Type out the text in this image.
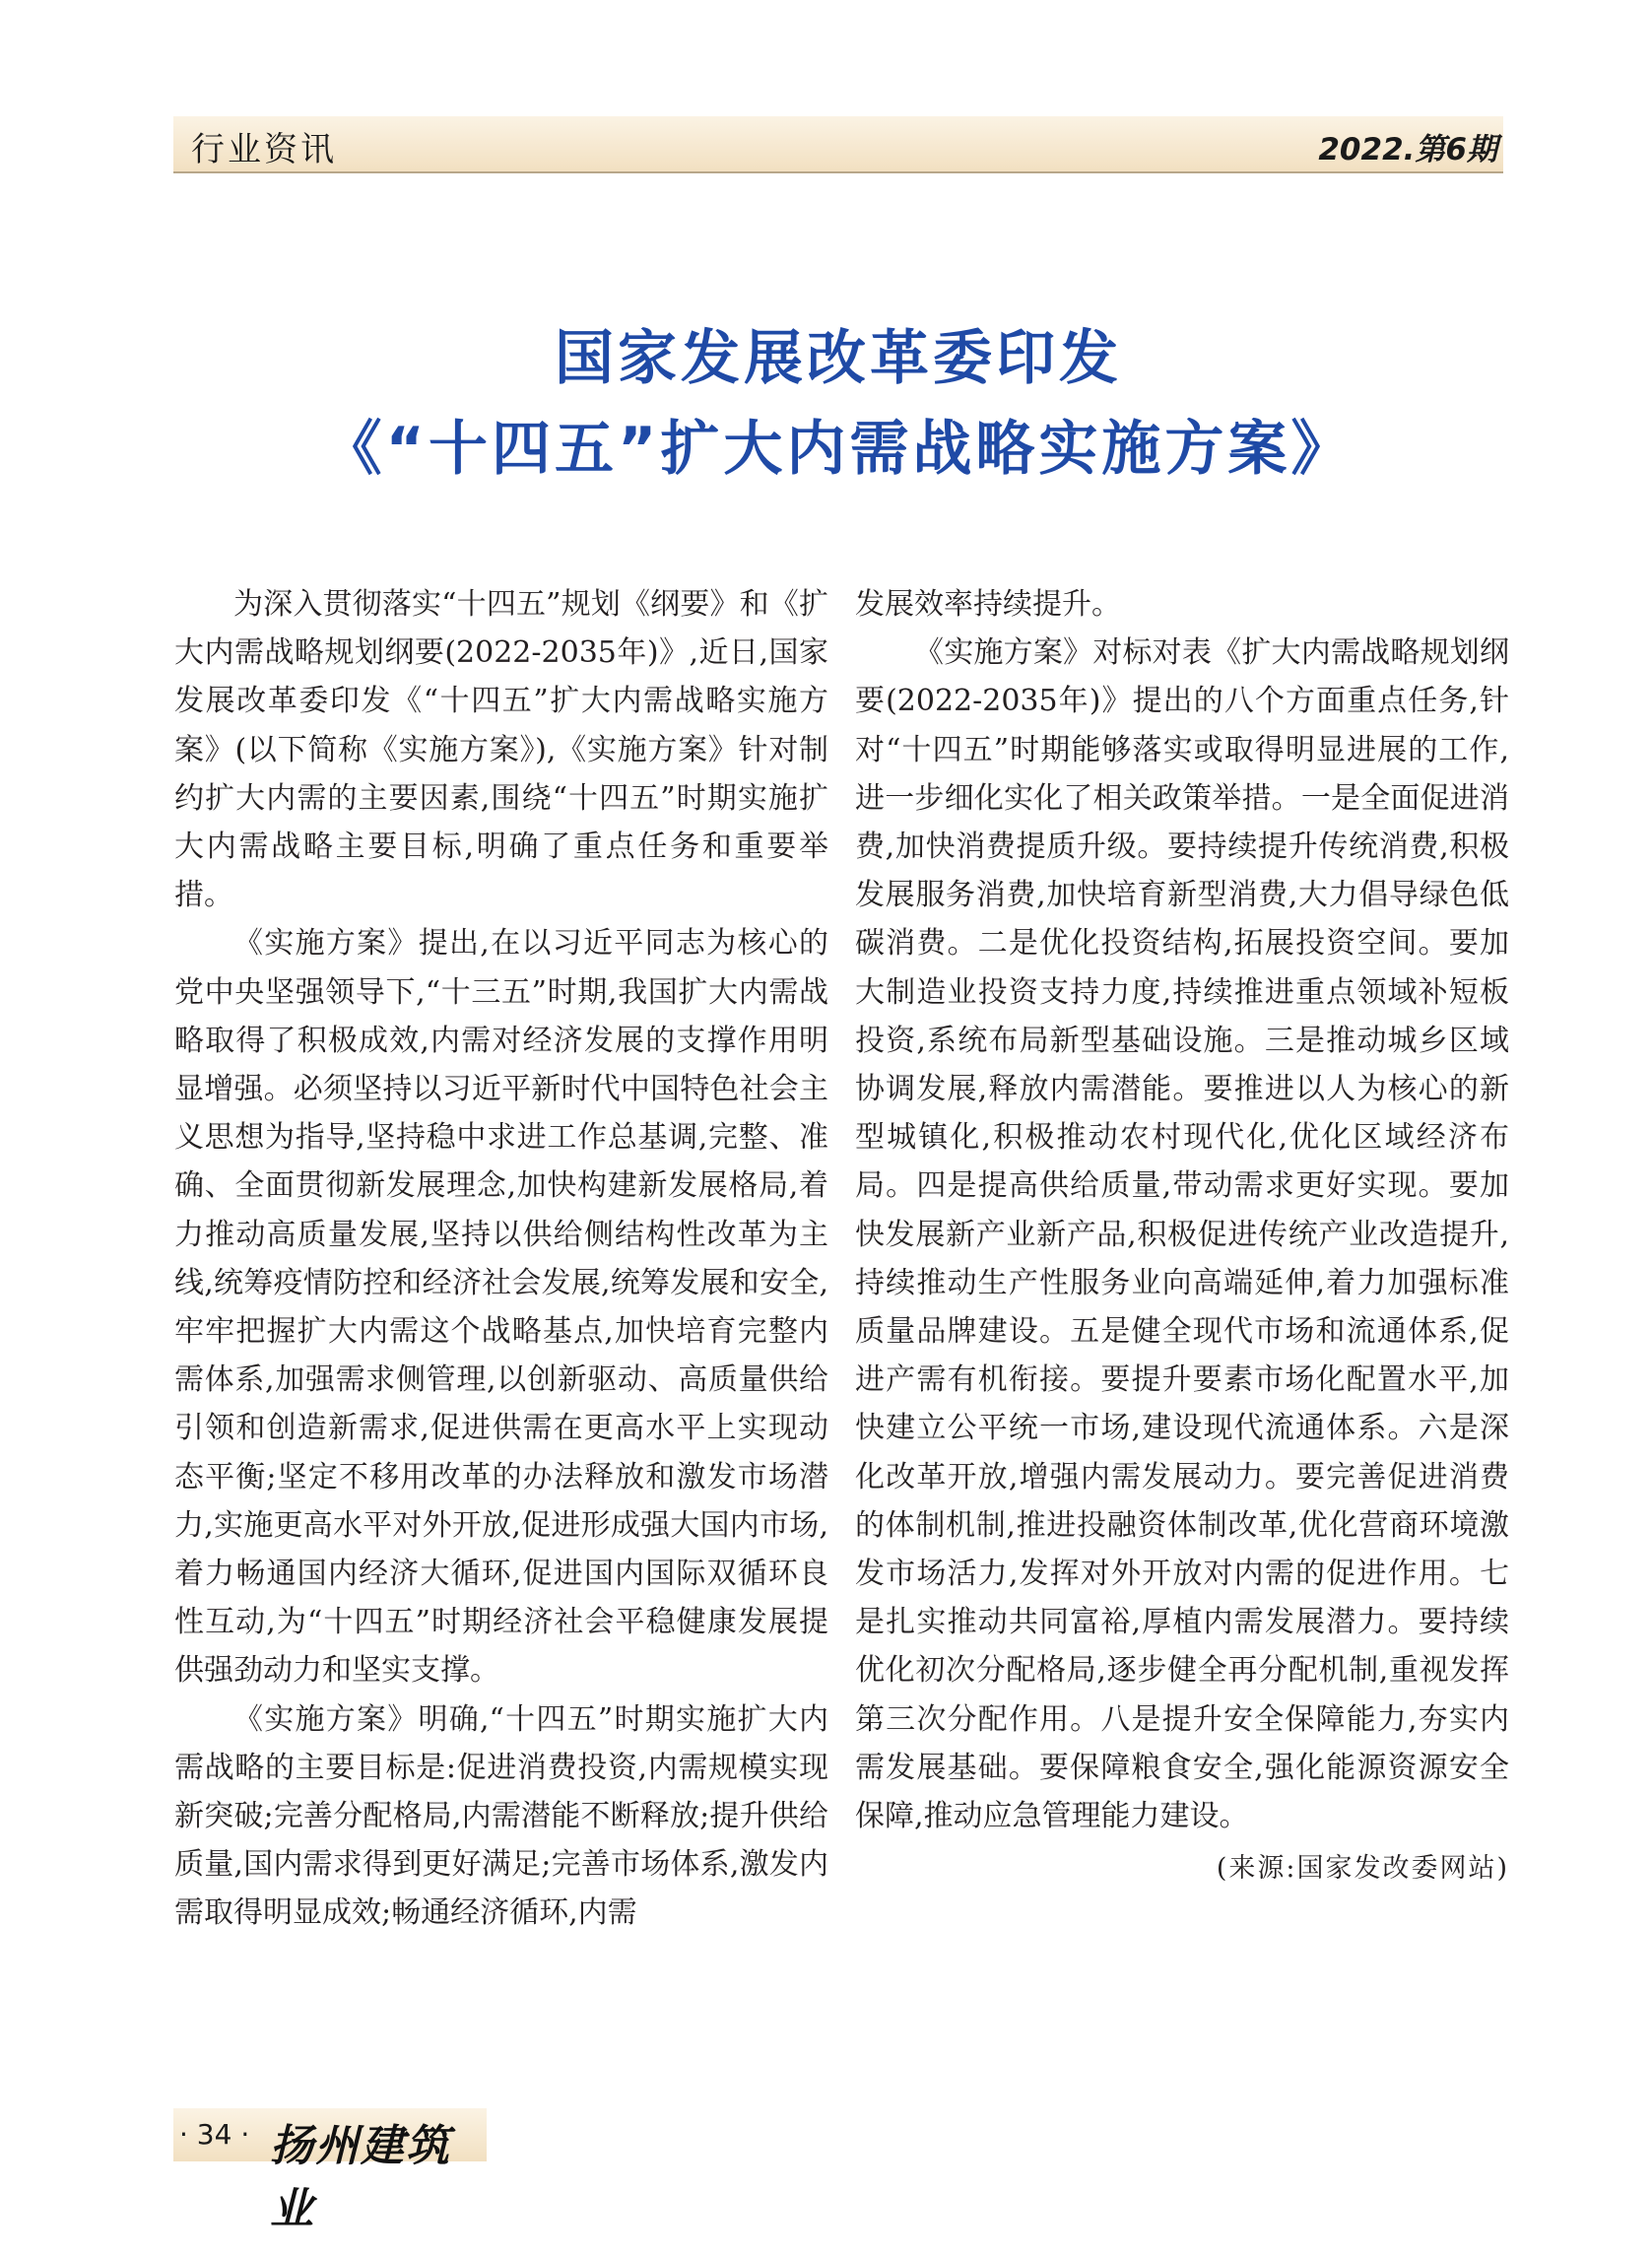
行业资讯	2022.第6期
国家发展改革委印发
《“十四五”扩大内需战略实施方案》

为深入贯彻落实“十四五”规划《纲要》和《扩大内需战略规划纲要(2022-2035年)》,近日,国家发展改革委印发《“十四五”扩大内需战略实施方案》(以下简称《实施方案》),《实施方案》针对制约扩大内需的主要因素,围绕“十四五”时期实施扩大内需战略主要目标,明确了重点任务和重要举措。

《实施方案》提出,在以习近平同志为核心的党中央坚强领导下,“十三五”时期,我国扩大内需战略取得了积极成效,内需对经济发展的支撑作用明显增强。必须坚持以习近平新时代中国特色社会主义思想为指导,坚持稳中求进工作总基调,完整、准确、全面贯彻新发展理念,加快构建新发展格局,着力推动高质量发展,坚持以供给侧结构性改革为主线,统筹疫情防控和经济社会发展,统筹发展和安全,牢牢把握扩大内需这个战略基点,加快培育完整内需体系,加强需求侧管理,以创新驱动、高质量供给引领和创造新需求,促进供需在更高水平上实现动态平衡;坚定不移用改革的办法释放和激发市场潜力,实施更高水平对外开放,促进形成强大国内市场,着力畅通国内经济大循环,促进国内国际双循环良性互动,为“十四五”时期经济社会平稳健康发展提供强劲动力和坚实支撑。

《实施方案》明确,“十四五”时期实施扩大内需战略的主要目标是:促进消费投资,内需规模实现新突破;完善分配格局,内需潜能不断释放;提升供给质量,国内需求得到更好满足;完善市场体系,激发内需取得明显成效;畅通经济循环,内需

发展效率持续提升。

《实施方案》对标对表《扩大内需战略规划纲要(2022-2035年)》提出的八个方面重点任务,针对“十四五”时期能够落实或取得明显进展的工作,进一步细化实化了相关政策举措。一是全面促进消费,加快消费提质升级。要持续提升传统消费,积极发展服务消费,加快培育新型消费,大力倡导绿色低碳消费。二是优化投资结构,拓展投资空间。要加大制造业投资支持力度,持续推进重点领域补短板投资,系统布局新型基础设施。三是推动城乡区域协调发展,释放内需潜能。要推进以人为核心的新型城镇化,积极推动农村现代化,优化区域经济布局。四是提高供给质量,带动需求更好实现。要加快发展新产业新产品,积极促进传统产业改造提升,持续推动生产性服务业向高端延伸,着力加强标准质量品牌建设。五是健全现代市场和流通体系,促进产需有机衔接。要提升要素市场化配置水平,加快建立公平统一市场,建设现代流通体系。六是深化改革开放,增强内需发展动力。要完善促进消费的体制机制,推进投融资体制改革,优化营商环境激发市场活力,发挥对外开放对内需的促进作用。七是扎实推动共同富裕,厚植内需发展潜力。要持续优化初次分配格局,逐步健全再分配机制,重视发挥第三次分配作用。八是提升安全保障能力,夯实内需发展基础。要保障粮食安全,强化能源资源安全保障,推动应急管理能力建设。

(来源:国家发改委网站)
· 34 · 扬州建筑业
